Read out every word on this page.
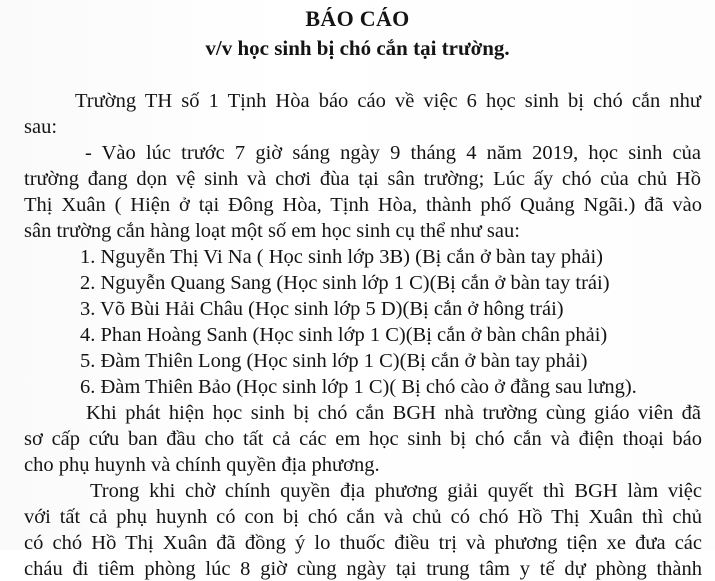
BÁO CÁO
v/v học sinh bị chó cắn tại trường.
Trường TH số 1 Tịnh Hòa báo cáo về việc 6 học sinh bị chó cắn như
sau:
- Vào lúc trước 7 giờ sáng ngày 9 tháng 4 năm 2019, học sinh của
trường đang dọn vệ sinh và chơi đùa tại sân trường; Lúc ấy chó của chủ Hồ
Thị Xuân ( Hiện ở tại Đông Hòa, Tịnh Hòa, thành phố Quảng Ngãi.) đã vào
sân trường cắn hàng loạt một số em học sinh cụ thể như sau:
1. Nguyễn Thị Vi Na ( Học sinh lớp 3B) (Bị cắn ở bàn tay phải)
2. Nguyễn Quang Sang (Học sinh lớp 1 C)(Bị cắn ở bàn tay trái)
3. Võ Bùi Hải Châu (Học sinh lớp 5 D)(Bị cắn ở hông trái)
4. Phan Hoàng Sanh (Học sinh lớp 1 C)(Bị cắn ở bàn chân phải)
5. Đàm Thiên Long (Học sinh lớp 1 C)(Bị cắn ở bàn tay phải)
6. Đàm Thiên Bảo (Học sinh lớp 1 C)( Bị chó cào ở đằng sau lưng).
Khi phát hiện học sinh bị chó cắn BGH nhà trường cùng giáo viên đã
sơ cấp cứu ban đầu cho tất cả các em học sinh bị chó cắn và điện thoại báo
cho phụ huynh và chính quyền địa phương.
Trong khi chờ chính quyền địa phương giải quyết thì BGH làm việc
với tất cả phụ huynh có con bị chó cắn và chủ có chó Hồ Thị Xuân thì chủ
có chó Hồ Thị Xuân đã đồng ý lo thuốc điều trị và phương tiện xe đưa các
cháu đi tiêm phòng lúc 8 giờ cùng ngày tại trung tâm y tế dự phòng thành
